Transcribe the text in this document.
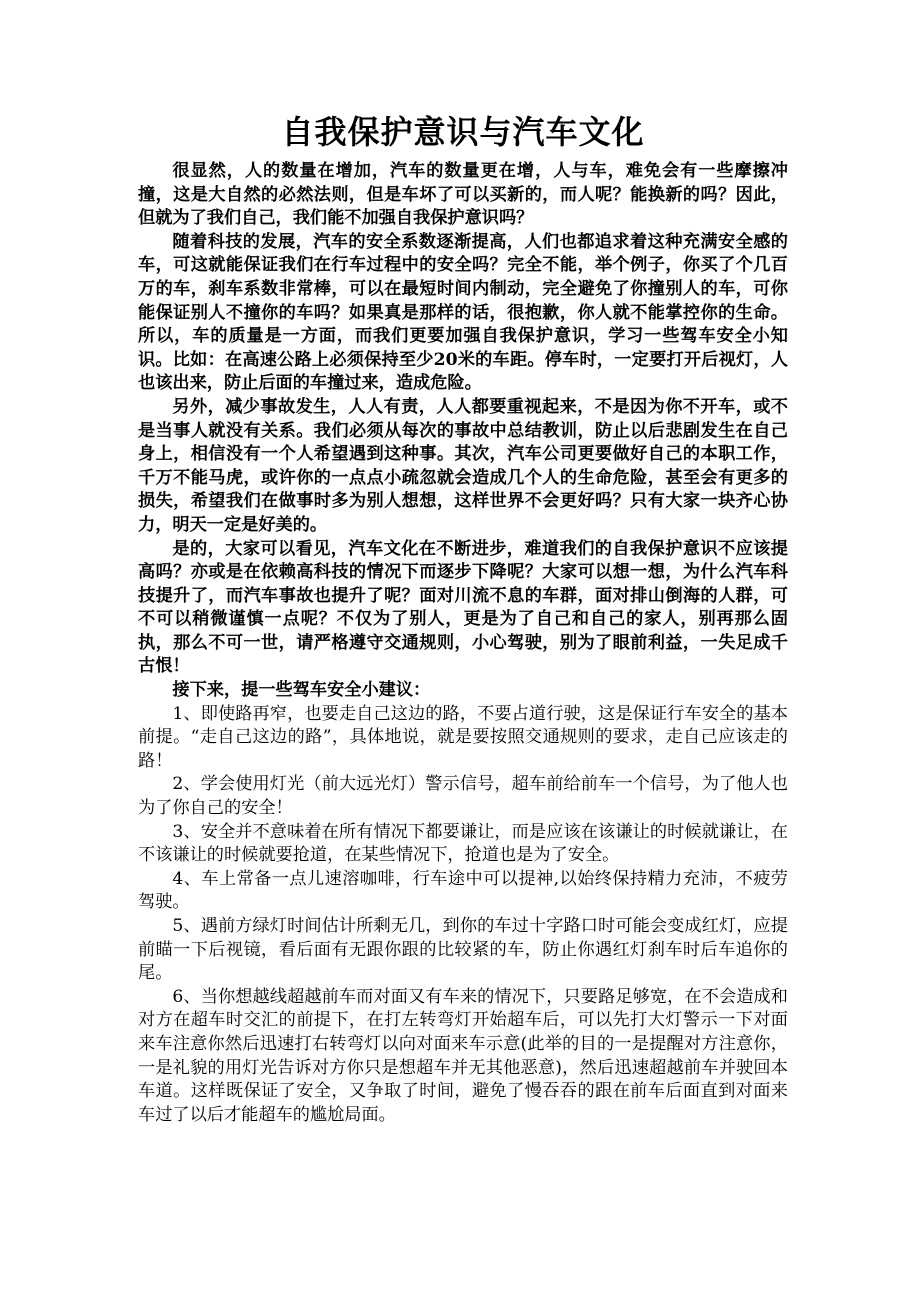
自我保护意识与汽车文化

很显然，人的数量在增加，汽车的数量更在增，人与车，难免会有一些摩擦冲撞，这是大自然的必然法则，但是车坏了可以买新的，而人呢？能换新的吗？因此，但就为了我们自己，我们能不加强自我保护意识吗？

随着科技的发展，汽车的安全系数逐渐提高，人们也都追求着这种充满安全感的车，可这就能保证我们在行车过程中的安全吗？完全不能，举个例子，你买了个几百万的车，刹车系数非常棒，可以在最短时间内制动，完全避免了你撞别人的车，可你能保证别人不撞你的车吗？如果真是那样的话，很抱歉，你人就不能掌控你的生命。所以，车的质量是一方面，而我们更要加强自我保护意识，学习一些驾车安全小知识。比如：在高速公路上必须保持至少20米的车距。停车时，一定要打开后视灯，人也该出来，防止后面的车撞过来，造成危险。

另外，减少事故发生，人人有责，人人都要重视起来，不是因为你不开车，或不是当事人就没有关系。我们必须从每次的事故中总结教训，防止以后悲剧发生在自己身上，相信没有一个人希望遇到这种事。其次，汽车公司更要做好自己的本职工作，千万不能马虎，或许你的一点点小疏忽就会造成几个人的生命危险，甚至会有更多的损失，希望我们在做事时多为别人想想，这样世界不会更好吗？只有大家一块齐心协力，明天一定是好美的。

是的，大家可以看见，汽车文化在不断进步，难道我们的自我保护意识不应该提高吗？亦或是在依赖高科技的情况下而逐步下降呢？大家可以想一想，为什么汽车科技提升了，而汽车事故也提升了呢？面对川流不息的车群，面对排山倒海的人群，可不可以稍微谨慎一点呢？不仅为了别人，更是为了自己和自己的家人，别再那么固执，那么不可一世，请严格遵守交通规则，小心驾驶，别为了眼前利益，一失足成千古恨！

接下来，提一些驾车安全小建议：

1、即使路再窄，也要走自己这边的路，不要占道行驶，这是保证行车安全的基本前提。“走自己这边的路”，具体地说，就是要按照交通规则的要求，走自己应该走的路！

2、学会使用灯光（前大远光灯）警示信号，超车前给前车一个信号，为了他人也为了你自己的安全！

3、安全并不意味着在所有情况下都要谦让，而是应该在该谦让的时候就谦让，在不该谦让的时候就要抢道，在某些情况下，抢道也是为了安全。

4、车上常备一点儿速溶咖啡，行车途中可以提神,以始终保持精力充沛，不疲劳驾驶。

5、遇前方绿灯时间估计所剩无几，到你的车过十字路口时可能会变成红灯，应提前瞄一下后视镜，看后面有无跟你跟的比较紧的车，防止你遇红灯刹车时后车追你的尾。

6、当你想越线超越前车而对面又有车来的情况下，只要路足够宽，在不会造成和对方在超车时交汇的前提下，在打左转弯灯开始超车后，可以先打大灯警示一下对面来车注意你然后迅速打右转弯灯以向对面来车示意(此举的目的一是提醒对方注意你，一是礼貌的用灯光告诉对方你只是想超车并无其他恶意)，然后迅速超越前车并驶回本车道。这样既保证了安全，又争取了时间，避免了慢吞吞的跟在前车后面直到对面来车过了以后才能超车的尴尬局面。
